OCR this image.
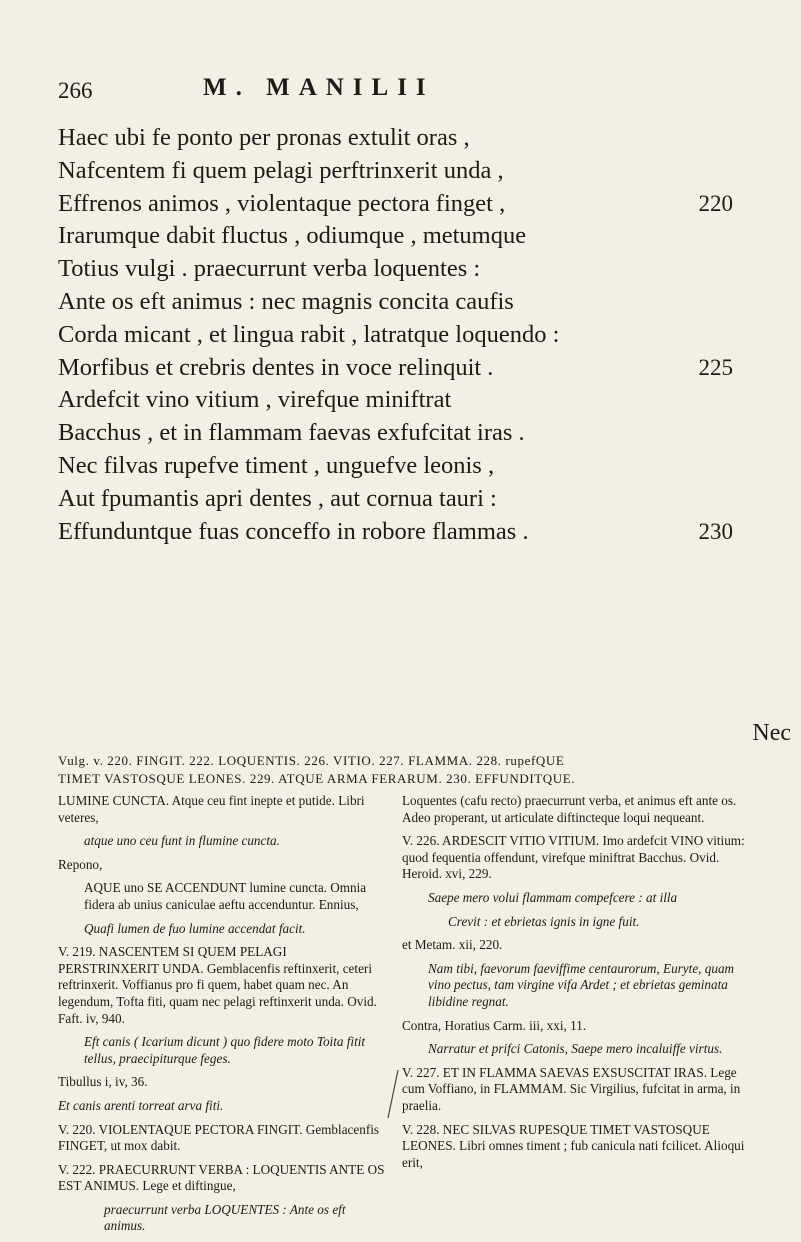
266	M. MANILII
Haec ubi fe ponto per pronas extulit oras ,
Nafcentem fi quem pelagi perftrinxerit unda ,
Effrenos animos , violentaque pectora finget ,	220
Irarumque dabit fluctus , odiumque , metumque
Totius vulgi . praecurrunt verba loquentes :
Ante os eft animus : nec magnis concita caufis
Corda micant , et lingua rabit , latratque loquendo :
Morfibus et crebris dentes in voce relinquit .	225
Ardefcit vino vitium , virefque miniftrat
Bacchus , et in flammam faevas exfufcitat iras .
Nec filvas rupefve timent , unguefve leonis ,
Aut fpumantis apri dentes , aut cornua tauri :
Effunduntque fuas conceffo in robore flammas .	230
Nec
Vulg. v. 220. FINGIT. 222. LOQUENTIS. 226. VITIO. 227. FLAMMA. 228. rupefQUE
TIMET VASTOSQUE LEONES. 229. ATQUE ARMA FERARUM. 230. EFFUNDITQUE.
LUMINE CUNCTA. Atque ceu fint inepte et putide. Libri veteres,
atque uno ceu funt in flumine cuncta.
Repono,
AQUE uno SE ACCENDUNT lumine cuncta. Omnia fidera ab unius caniculae aeftu accenduntur. Ennius,
Quafi lumen de fuo lumine accendat facit.
V. 219. NASCENTEM SI QUEM PELAGI PERSTRINXERIT UNDA. Gemblacenfis reftinxerit, ceteri reftrinxerit. Voffianus pro fi quem, habet quam nec. An legendum, Tofta fiti, quam nec pelagi reftinxerit unda. Ovid. Faft. iv, 940.
Eft canis ( Icarium dicunt ) quo fidere moto Toita fitit tellus, praecipiturque feges.
Tibullus i, iv, 36.
Et canis arenti torreat arva fiti.
V. 220. VIOLENTAQUE PECTORA FINGIT. Gemblacenfis FINGET, ut mox dabit.
V. 222. PRAECURRUNT VERBA : LOQUENTIS ANTE OS EST ANIMUS. Lege et diftingue,
praecurrunt verba LOQUENTES : Ante os eft animus.
Loquentes (cafu recto) praecurrunt verba, et animus eft ante os. Adeo properant, ut articulate diftincteque loqui nequeant.
V. 226. ARDESCIT VITIO VITIUM. Imo ardefcit VINO vitium: quod fequentia offendunt, virefque miniftrat Bacchus. Ovid. Heroid. xvi, 229.
Saepe mero volui flammam compefcere : at illa
Crevit : et ebrietas ignis in igne fuit.
et Metam. xii, 220.
Nam tibi, faevorum faeviffime centaurorum, Euryte, quam vino pectus, tam virgine vifa Ardet ; et ebrietas geminata libidine regnat.
Contra, Horatius Carm. iii, xxi, 11.
Narratur et prifci Catonis, Saepe mero incaluiffe virtus.
V. 227. ET IN FLAMMA SAEVAS EXSUSCITAT IRAS. Lege cum Voffiano, in FLAMMAM. Sic Virgilius, fufcitat in arma, in praelia.
V. 228. NEC SILVAS RUPESQUE TIMET VASTOSQUE LEONES. Libri omnes timent ; fub canicula nati fcilicet. Alioqui erit,
